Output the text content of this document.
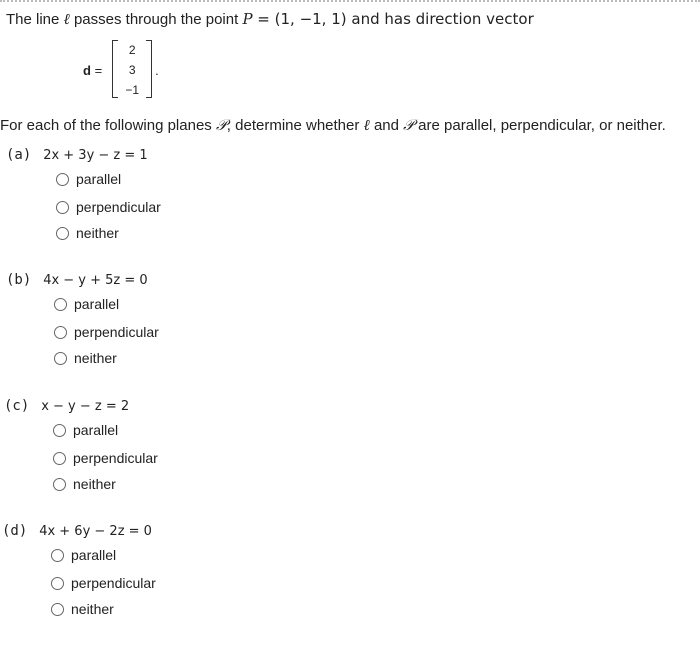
The line ℓ passes through the point P = (1, −1, 1) and has direction vector
d =
2
3
−1
.
For each of the following planes 𝒫, determine whether ℓ and 𝒫 are parallel, perpendicular, or neither.
(a) 2x + 3y − z = 1
parallel
perpendicular
neither
(b) 4x − y + 5z = 0
parallel
perpendicular
neither
(c) x − y − z = 2
parallel
perpendicular
neither
(d) 4x + 6y − 2z = 0
parallel
perpendicular
neither
